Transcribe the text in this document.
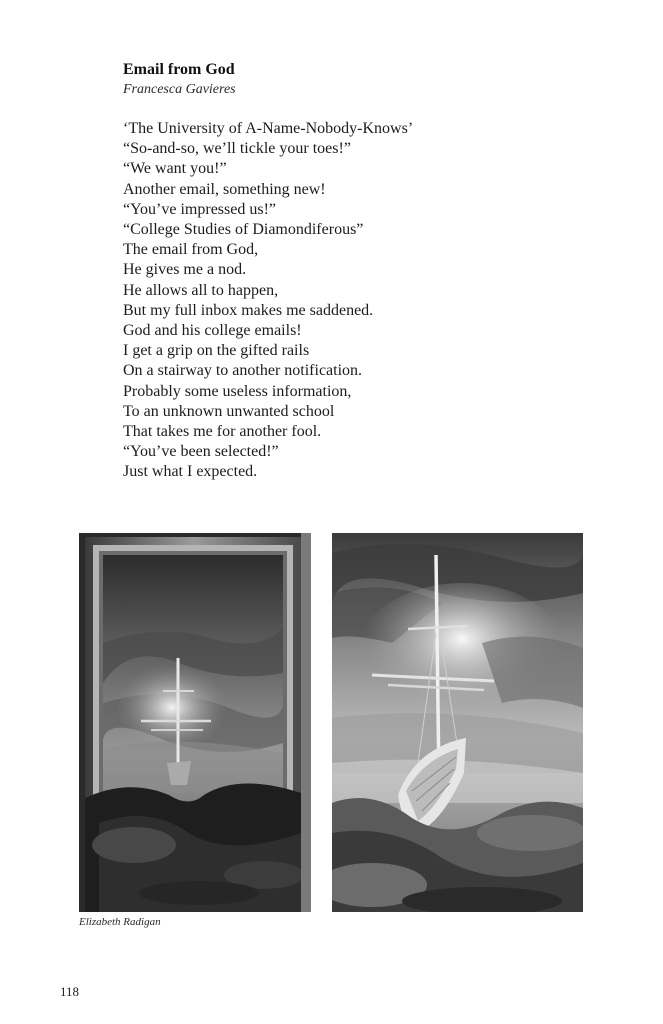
Email from God
Francesca Gavieres
‘The University of A-Name-Nobody-Knows’
“So-and-so, we’ll tickle your toes!”
“We want you!”
Another email, something new!
“You’ve impressed us!”
“College Studies of Diamondiferous”
The email from God,
He gives me a nod.
He allows all to happen,
But my full inbox makes me saddened.
God and his college emails!
I get a grip on the gifted rails
On a stairway to another notification.
Probably some useless information,
To an unknown unwanted school
That takes me for another fool.
“You’ve been selected!”
Just what I expected.
Elizabeth Radigan
118
